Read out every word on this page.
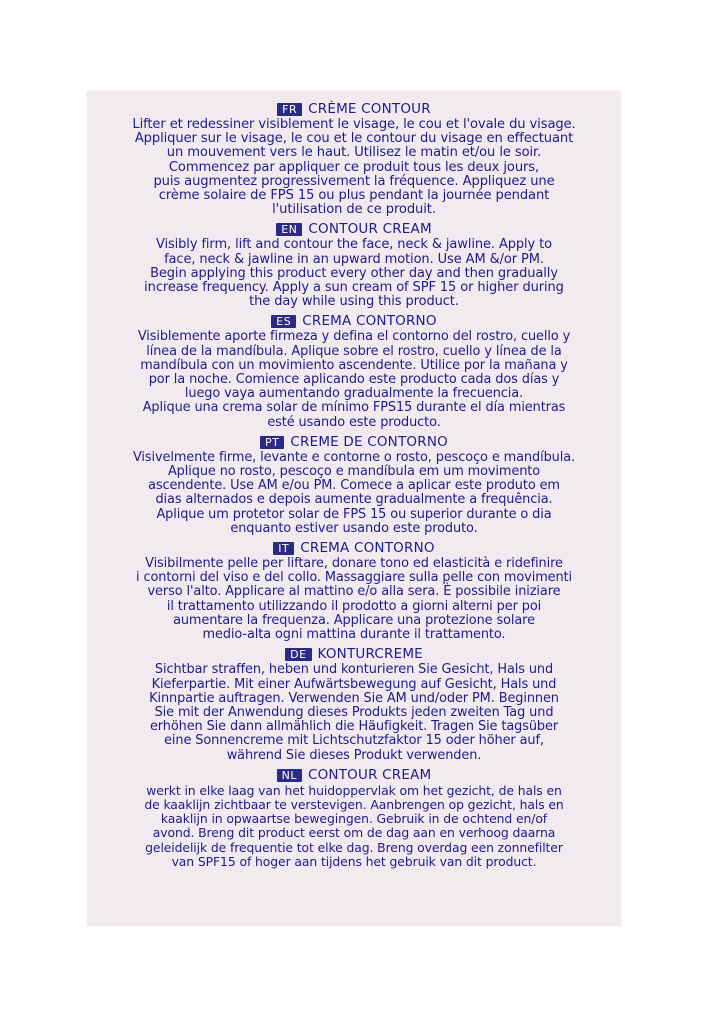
FR CRÈME CONTOUR
Lifter et redessiner visiblement le visage, le cou et l'ovale du visage.
Appliquer sur le visage, le cou et le contour du visage en effectuant
un mouvement vers le haut. Utilisez le matin et/ou le soir.
Commencez par appliquer ce produit tous les deux jours,
puis augmentez progressivement la fréquence. Appliquez une
crème solaire de FPS 15 ou plus pendant la journée pendant
l'utilisation de ce produit.
EN CONTOUR CREAM
Visibly firm, lift and contour the face, neck & jawline. Apply to
face, neck & jawline in an upward motion. Use AM &/or PM.
Begin applying this product every other day and then gradually
increase frequency. Apply a sun cream of SPF 15 or higher during
the day while using this product.
ES CREMA CONTORNO
Visiblemente aporte firmeza y defina el contorno del rostro, cuello y
línea de la mandíbula. Aplique sobre el rostro, cuello y línea de la
mandíbula con un movimiento ascendente. Utilice por la mañana y
por la noche. Comience aplicando este producto cada dos días y
luego vaya aumentando gradualmente la frecuencia.
Aplique una crema solar de mínimo FPS15 durante el día mientras
esté usando este producto.
PT CREME DE CONTORNO
Visivelmente firme, levante e contorne o rosto, pescoço e mandíbula.
Aplique no rosto, pescoço e mandíbula em um movimento
ascendente. Use AM e/ou PM. Comece a aplicar este produto em
dias alternados e depois aumente gradualmente a frequência.
Aplique um protetor solar de FPS 15 ou superior durante o dia
enquanto estiver usando este produto.
IT CREMA CONTORNO
Visibilmente pelle per liftare, donare tono ed elasticità e ridefinire
i contorni del viso e del collo. Massaggiare sulla pelle con movimenti
verso l'alto. Applicare al mattino e/o alla sera. È possibile iniziare
il trattamento utilizzando il prodotto a giorni alterni per poi
aumentare la frequenza. Applicare una protezione solare
medio-alta ogni mattina durante il trattamento.
DE KONTURCREME
Sichtbar straffen, heben und konturieren Sie Gesicht, Hals und
Kieferpartie. Mit einer Aufwärtsbewegung auf Gesicht, Hals und
Kinnpartie auftragen. Verwenden Sie AM und/oder PM. Beginnen
Sie mit der Anwendung dieses Produkts jeden zweiten Tag und
erhöhen Sie dann allmählich die Häufigkeit. Tragen Sie tagsüber
eine Sonnencreme mit Lichtschutzfaktor 15 oder höher auf,
während Sie dieses Produkt verwenden.
NL CONTOUR CREAM
werkt in elke laag van het huidoppervlak om het gezicht, de hals en
de kaaklijn zichtbaar te verstevigen. Aanbrengen op gezicht, hals en
kaaklijn in opwaartse bewegingen. Gebruik in de ochtend en/of
avond. Breng dit product eerst om de dag aan en verhoog daarna
geleidelijk de frequentie tot elke dag. Breng overdag een zonnefilter
van SPF15 of hoger aan tijdens het gebruik van dit product.
